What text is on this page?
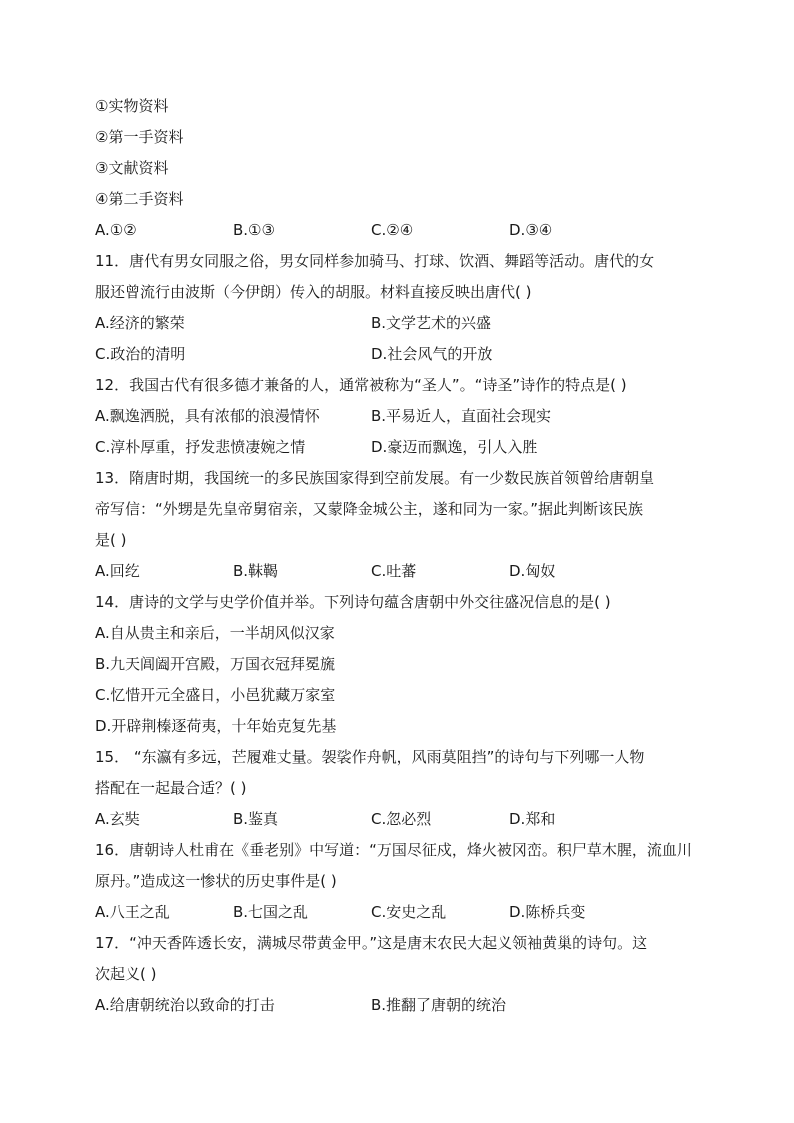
①实物资料
②第一手资料
③文献资料
④第二手资料
A.①②	B.①③	C.②④	D.③④
11．唐代有男女同服之俗，男女同样参加骑马、打球、饮酒、舞蹈等活动。唐代的女
服还曾流行由波斯（今伊朗）传入的胡服。材料直接反映出唐代( )
A.经济的繁荣	B.文学艺术的兴盛
C.政治的清明	D.社会风气的开放
12．我国古代有很多德才兼备的人，通常被称为“圣人”。“诗圣”诗作的特点是( )
A.飘逸洒脱，具有浓郁的浪漫情怀	B.平易近人，直面社会现实
C.淳朴厚重，抒发悲愤凄婉之情	D.豪迈而飘逸，引人入胜
13．隋唐时期，我国统一的多民族国家得到空前发展。有一少数民族首领曾给唐朝皇
帝写信：“外甥是先皇帝舅宿亲，又蒙降金城公主，遂和同为一家。”据此判断该民族
是( )
A.回纥	B.靺鞨	C.吐蕃	D.匈奴
14．唐诗的文学与史学价值并举。下列诗句蕴含唐朝中外交往盛况信息的是( )
A.自从贵主和亲后，一半胡风似汉家
B.九天阊阖开宫殿，万国衣冠拜冕旒
C.忆惜开元全盛日，小邑犹藏万家室
D.开辟荆榛逐荷夷，十年始克复先基
15． “东瀛有多远，芒履难丈量。袈裟作舟帆，风雨莫阻挡”的诗句与下列哪一人物
搭配在一起最合适？( )
A.玄奘	B.鉴真	C.忽必烈	D.郑和
16．唐朝诗人杜甫在《垂老别》中写道：“万国尽征戍，烽火被冈峦。积尸草木腥，流血川
原丹。”造成这一惨状的历史事件是( )
A.八王之乱	B.七国之乱	C.安史之乱	D.陈桥兵变
17．“冲天香阵透长安，满城尽带黄金甲。”这是唐末农民大起义领袖黄巢的诗句。这
次起义( )
A.给唐朝统治以致命的打击	B.推翻了唐朝的统治
